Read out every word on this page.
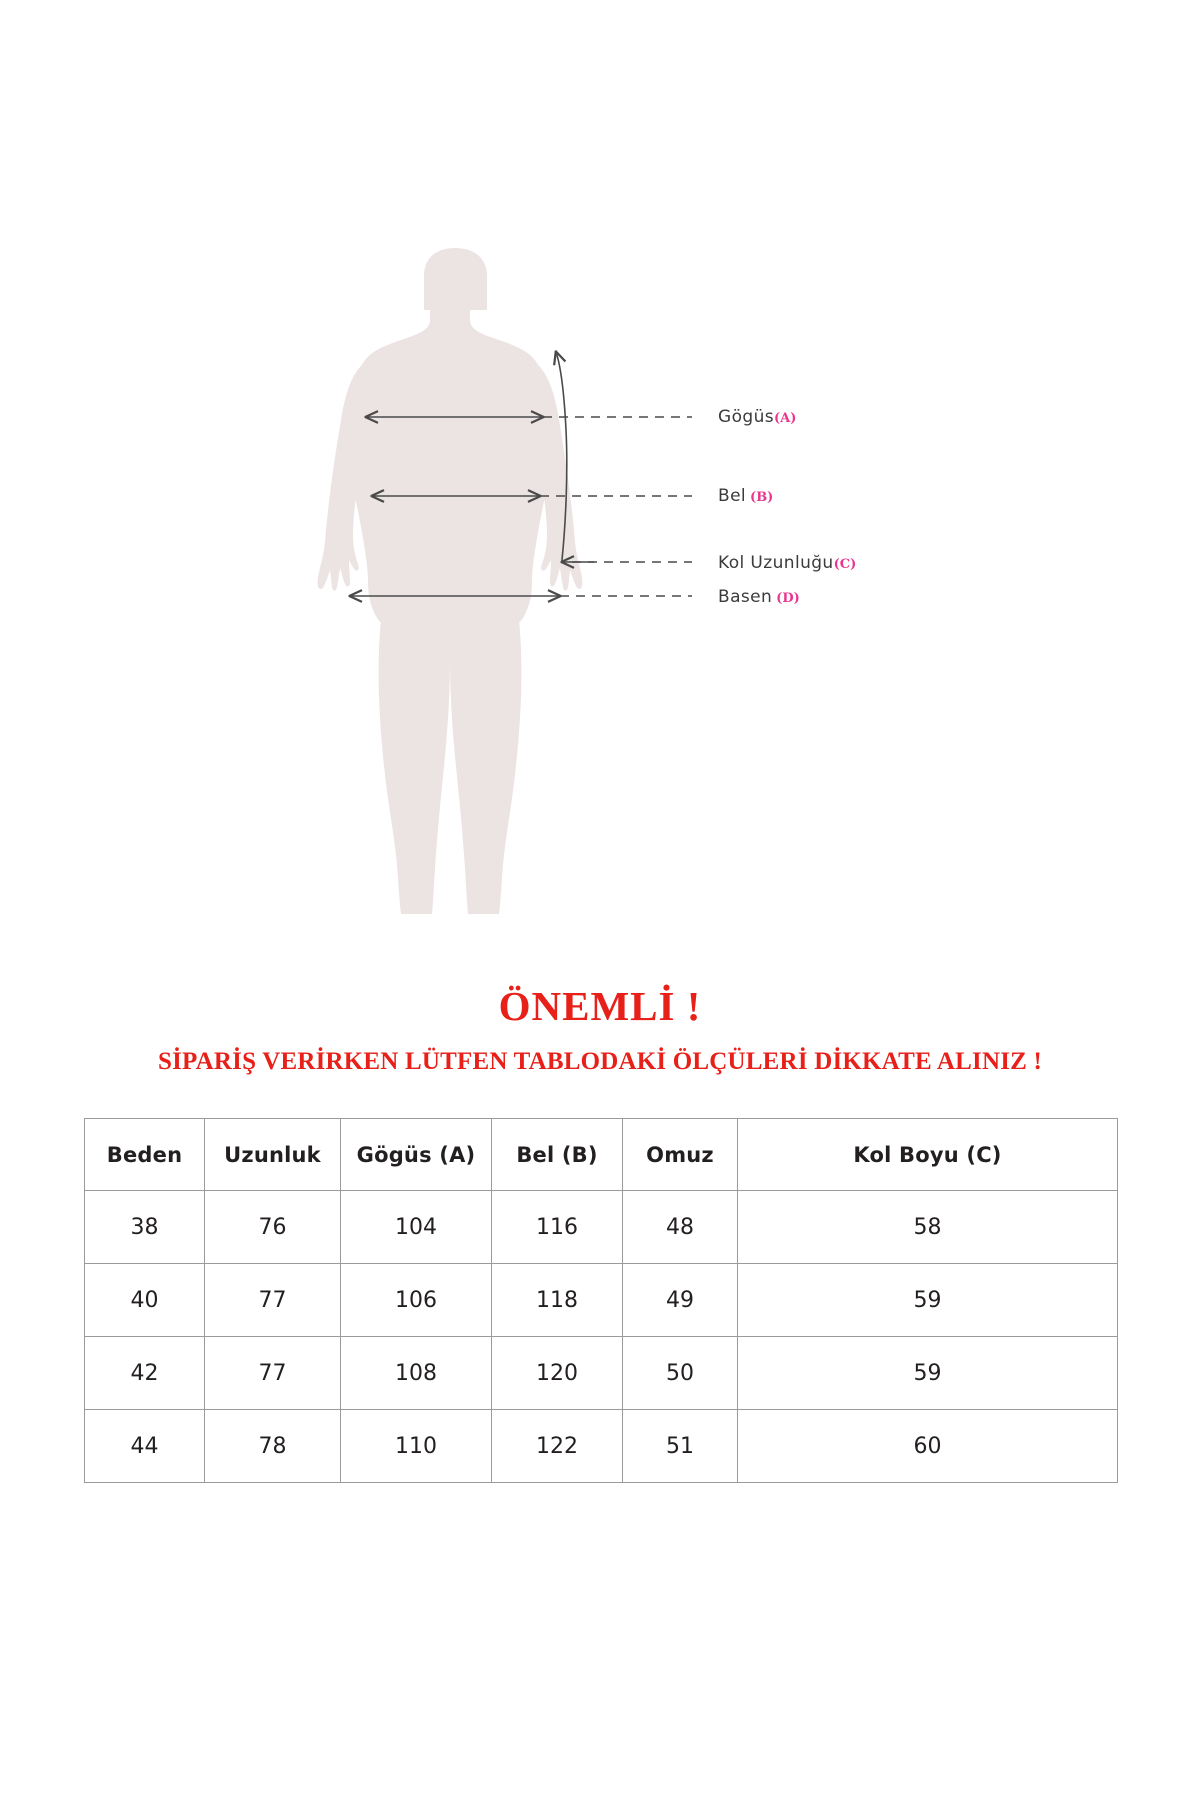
Gögüs(A)
Bel (B)
Kol Uzunluğu(C)
Basen (D)
ÖNEMLİ !
SİPARİŞ VERİRKEN LÜTFEN TABLODAKİ ÖLÇÜLERİ DİKKATE ALINIZ !
Beden	Uzunluk	Gögüs (A)	Bel (B)	Omuz	Kol Boyu (C)
38	76	104	116	48	58
40	77	106	118	49	59
42	77	108	120	50	59
44	78	110	122	51	60
